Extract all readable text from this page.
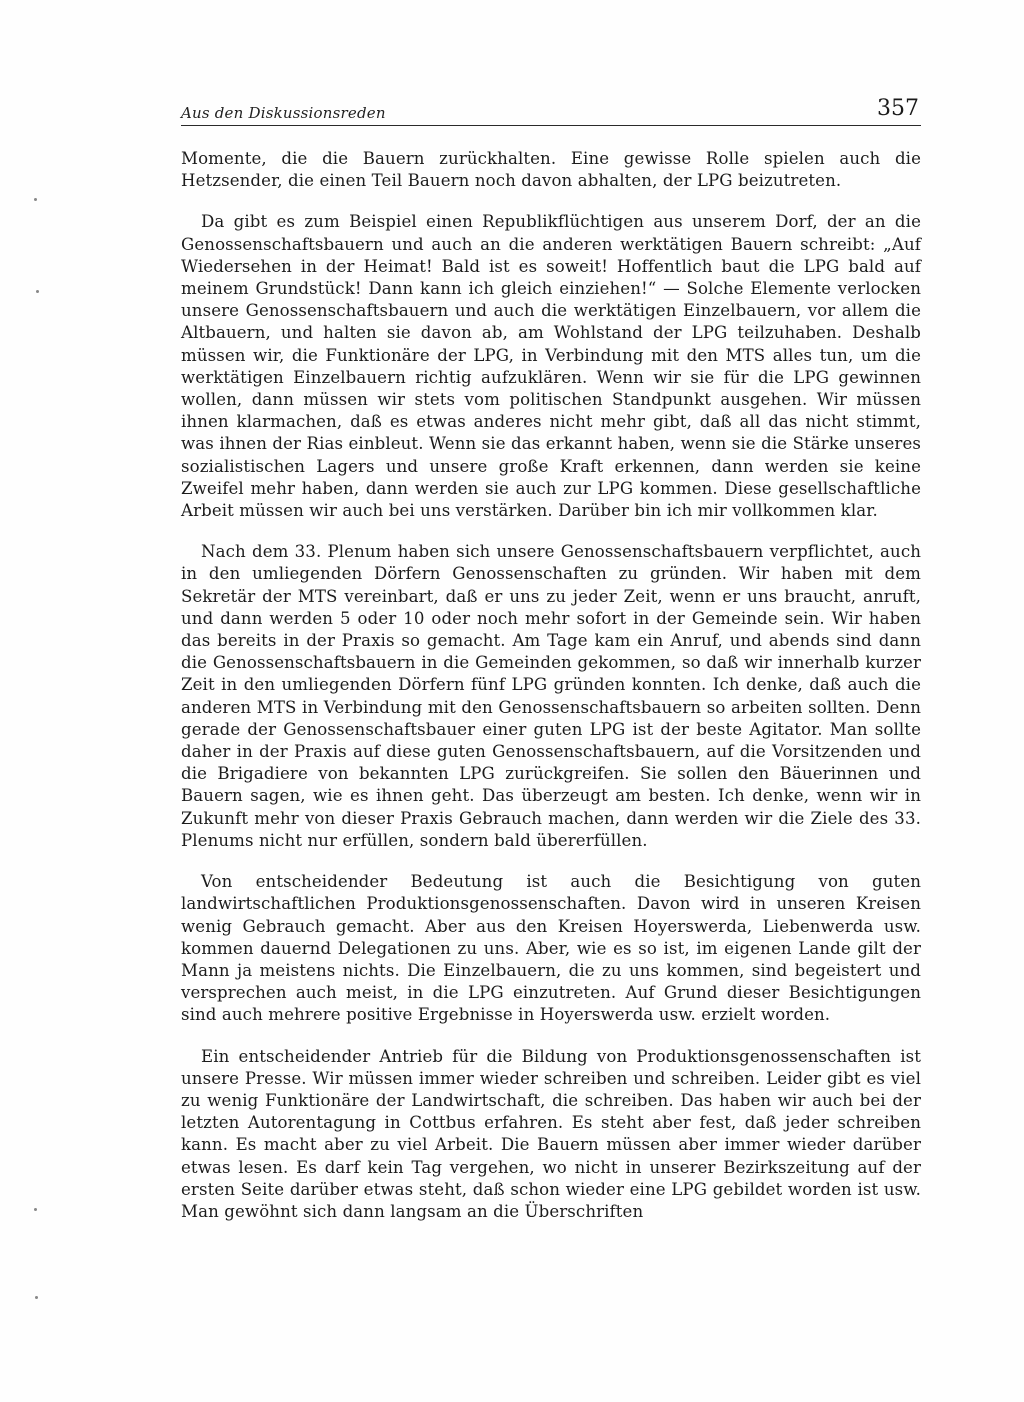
Aus den Diskussionsreden	357

Momente, die die Bauern zurückhalten. Eine gewisse Rolle spielen auch die Hetzsender, die einen Teil Bauern noch davon abhalten, der LPG beizutreten.

Da gibt es zum Beispiel einen Republikflüchtigen aus unserem Dorf, der an die Genossenschaftsbauern und auch an die anderen werktätigen Bauern schreibt: „Auf Wiedersehen in der Heimat! Bald ist es soweit! Hoffentlich baut die LPG bald auf meinem Grundstück! Dann kann ich gleich einziehen!“ — Solche Elemente verlocken unsere Genossenschaftsbauern und auch die werktätigen Einzelbauern, vor allem die Altbauern, und halten sie davon ab, am Wohlstand der LPG teilzuhaben. Deshalb müssen wir, die Funktionäre der LPG, in Verbindung mit den MTS alles tun, um die werktätigen Einzelbauern richtig aufzuklären. Wenn wir sie für die LPG gewinnen wollen, dann müssen wir stets vom politischen Standpunkt ausgehen. Wir müssen ihnen klarmachen, daß es etwas anderes nicht mehr gibt, daß all das nicht stimmt, was ihnen der Rias einbleut. Wenn sie das erkannt haben, wenn sie die Stärke unseres sozialistischen Lagers und unsere große Kraft erkennen, dann werden sie keine Zweifel mehr haben, dann werden sie auch zur LPG kommen. Diese gesellschaftliche Arbeit müssen wir auch bei uns verstärken. Darüber bin ich mir vollkommen klar.

Nach dem 33. Plenum haben sich unsere Genossenschaftsbauern verpflichtet, auch in den umliegenden Dörfern Genossenschaften zu gründen. Wir haben mit dem Sekretär der MTS vereinbart, daß er uns zu jeder Zeit, wenn er uns braucht, anruft, und dann werden 5 oder 10 oder noch mehr sofort in der Gemeinde sein. Wir haben das bereits in der Praxis so gemacht. Am Tage kam ein Anruf, und abends sind dann die Genossenschaftsbauern in die Gemeinden gekommen, so daß wir innerhalb kurzer Zeit in den umliegenden Dörfern fünf LPG gründen konnten. Ich denke, daß auch die anderen MTS in Verbindung mit den Genossenschaftsbauern so arbeiten sollten. Denn gerade der Genossenschaftsbauer einer guten LPG ist der beste Agitator. Man sollte daher in der Praxis auf diese guten Genossenschaftsbauern, auf die Vorsitzenden und die Brigadiere von bekannten LPG zurückgreifen. Sie sollen den Bäuerinnen und Bauern sagen, wie es ihnen geht. Das überzeugt am besten. Ich denke, wenn wir in Zukunft mehr von dieser Praxis Gebrauch machen, dann werden wir die Ziele des 33. Plenums nicht nur erfüllen, sondern bald übererfüllen.

Von entscheidender Bedeutung ist auch die Besichtigung von guten landwirtschaftlichen Produktionsgenossenschaften. Davon wird in unseren Kreisen wenig Gebrauch gemacht. Aber aus den Kreisen Hoyerswerda, Liebenwerda usw. kommen dauernd Delegationen zu uns. Aber, wie es so ist, im eigenen Lande gilt der Mann ja meistens nichts. Die Einzelbauern, die zu uns kommen, sind begeistert und versprechen auch meist, in die LPG einzutreten. Auf Grund dieser Besichtigungen sind auch mehrere positive Ergebnisse in Hoyerswerda usw. erzielt worden.

Ein entscheidender Antrieb für die Bildung von Produktionsgenossenschaften ist unsere Presse. Wir müssen immer wieder schreiben und schreiben. Leider gibt es viel zu wenig Funktionäre der Landwirtschaft, die schreiben. Das haben wir auch bei der letzten Autorentagung in Cottbus erfahren. Es steht aber fest, daß jeder schreiben kann. Es macht aber zu viel Arbeit. Die Bauern müssen aber immer wieder darüber etwas lesen. Es darf kein Tag vergehen, wo nicht in unserer Bezirkszeitung auf der ersten Seite darüber etwas steht, daß schon wieder eine LPG gebildet worden ist usw. Man gewöhnt sich dann langsam an die Überschriften
